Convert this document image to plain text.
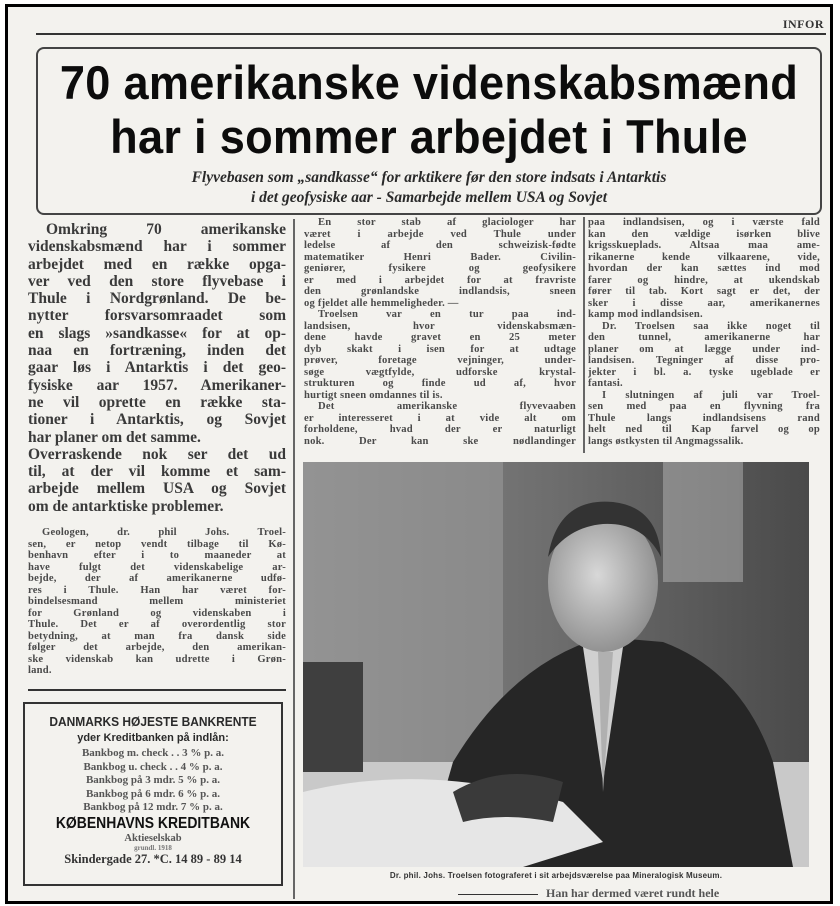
INFOR
70 amerikanske videnskabsmænd
har i sommer arbejdet i Thule
Flyvebasen som „sandkasse“ for arktikere før den store indsats i Antarktis
i det geofysiske aar - Samarbejde mellem USA og Sovjet
Omkring 70 amerikanske
videnskabsmænd har i sommer
arbejdet med en række opga-
ver ved den store flyvebase i
Thule i Nordgrønland. De be-
nytter forsvarsomraadet som
en slags »sandkasse« for at op-
naa en fortræning, inden det
gaar løs i Antarktis i det geo-
fysiske aar 1957. Amerikaner-
ne vil oprette en række sta-
tioner i Antarktis, og Sovjet
har planer om det samme.
Overraskende nok ser det ud
til, at der vil komme et sam-
arbejde mellem USA og Sovjet
om de antarktiske problemer.
Geologen, dr. phil Johs. Troel-
sen, er netop vendt tilbage til Kø-
benhavn efter i to maaneder at
have fulgt det videnskabelige ar-
bejde, der af amerikanerne udfø-
res i Thule. Han har været for-
bindelsesmand mellem ministeriet
for Grønland og videnskaben i
Thule. Det er af overordentlig stor
betydning, at man fra dansk side
følger det arbejde, den amerikan-
ske videnskab kan udrette i Grøn-
land.
En stor stab af glaciologer har
været i arbejde ved Thule under
ledelse af den schweizisk-fødte
matematiker Henri Bader. Civilin-
geniører, fysikere og geofysikere
er med i arbejdet for at fravriste
den grønlandske indlandsis, sneen
og fjeldet alle hemmeligheder. —
Troelsen var en tur paa ind-
landsisen, hvor videnskabsmæn-
dene havde gravet en 25 meter
dyb skakt i isen for at udtage
prøver, foretage vejninger, under-
søge vægtfylde, udforske krystal-
strukturen og finde ud af, hvor
hurtigt sneen omdannes til is.
Det amerikanske flyvevaaben
er interesseret i at vide alt om
forholdene, hvad der er naturligt
nok. Der kan ske nødlandinger
paa indlandsisen, og i værste fald
kan den vældige isørken blive
krigsskueplads. Altsaa maa ame-
rikanerne kende vilkaarene, vide,
hvordan der kan sættes ind mod
farer og hindre, at ukendskab
fører til tab. Kort sagt er det, der
sker i disse aar, amerikanernes
kamp mod indlandsisen.
Dr. Troelsen saa ikke noget til
den tunnel, amerikanerne har
planer om at lægge under ind-
landsisen. Tegninger af disse pro-
jekter i bl. a. tyske ugeblade er
fantasi.
I slutningen af juli var Troel-
sen med paa en flyvning fra
Thule langs indlandsisens rand
helt ned til Kap farvel og op
langs østkysten til Angmagssalik.
DANMARKS HØJESTE BANKRENTE
yder Kreditbanken på indlån:
Bankbog m. check . . 3 % p. a.
Bankbog u. check . . 4 % p. a.
Bankbog på 3 mdr. 5 % p. a.
Bankbog på 6 mdr. 6 % p. a.
Bankbog på 12 mdr. 7 % p. a.
KØBENHAVNS KREDITBANK
Aktieselskab
grundl. 1918
Skindergade 27. *C. 14 89 - 89 14
Dr. phil. Johs. Troelsen fotograferet i sit arbejdsværelse paa Mineralogisk Museum.
Han har dermed været rundt hele
